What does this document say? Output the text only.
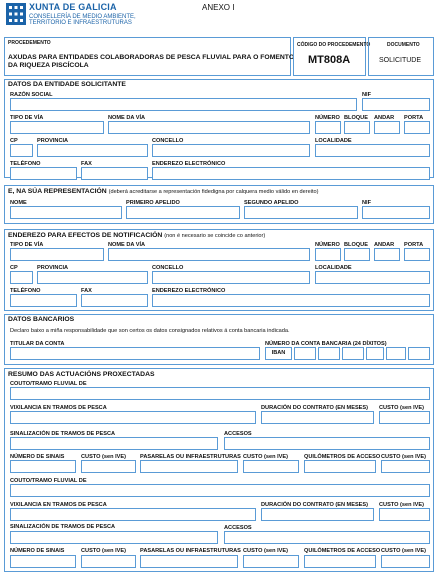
XUNTA DE GALICIA
CONSELLERÍA DE MEDIO AMBIENTE,
TERRITORIO E INFRAESTRUTURAS
ANEXO I
PROCEDEMENTO
AXUDAS PARA ENTIDADES COLABORADORAS DE PESCA FLUVIAL PARA O FOMENTO
DA RIQUEZA PISCÍCOLA
CÓDIGO DO PROCEDEMENTO
MT808A
DOCUMENTO
SOLICITUDE
DATOS DA ENTIDADE SOLICITANTE
RAZÓN SOCIAL	NIF
TIPO DE VÍA	NOME DA VÍA	NÚMERO BLOQUE ANDAR PORTA
CP	PROVINCIA	CONCELLO	LOCALIDADE
TELÉFONO	FAX	ENDEREZO ELECTRÓNICO
E, NA SÚA REPRESENTACIÓN (deberá acreditarse a representación fidedigna por calquera medio válido en dereito)
NOME	PRIMEIRO APELIDO	SEGUNDO APELIDO	NIF
ENDEREZO PARA EFECTOS DE NOTIFICACIÓN (non é necesario se coincide co anterior)
TIPO DE VÍA	NOME DA VÍA	NÚMERO BLOQUE ANDAR PORTA
CP	PROVINCIA	CONCELLO	LOCALIDADE
TELÉFONO	FAX	ENDEREZO ELECTRÓNICO
DATOS BANCARIOS
Declaro baixo a miña responsabilidade que son certos os datos consignados relativos á conta bancaria indicada.
TITULAR DA CONTA	NÚMERO DA CONTA BANCARIA (24 DÍXITOS)
IBAN
RESUMO DAS ACTUACIÓNS PROXECTADAS
COUTO/TRAMO FLUVIAL DE
VIXILANCIA EN TRAMOS DE PESCA	DURACIÓN DO CONTRATO (EN MESES) CUSTO (sen IVE)
SINALIZACIÓN DE TRAMOS DE PESCA	ACCESOS
NÚMERO DE SINAIS	CUSTO (sen IVE)	PASARELAS OU INFRAESTRUTURAS CUSTO (sen IVE)	QUILÓMETROS DE ACCESO CUSTO (sen IVE)
COUTO/TRAMO FLUVIAL DE
VIXILANCIA EN TRAMOS DE PESCA	DURACIÓN DO CONTRATO (EN MESES) CUSTO (sen IVE)
SINALIZACIÓN DE TRAMOS DE PESCA	ACCESOS
NÚMERO DE SINAIS	CUSTO (sen IVE)	PASARELAS OU INFRAESTRUTURAS CUSTO (sen IVE)	QUILÓMETROS DE ACCESO CUSTO (sen IVE)
